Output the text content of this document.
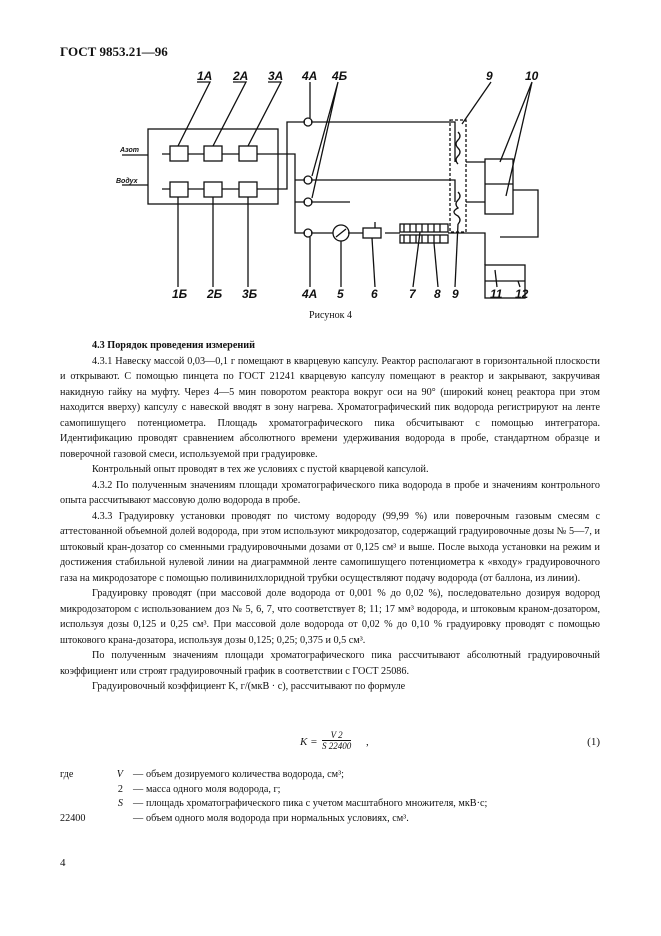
ГОСТ 9853.21—96
1А 2А 3А 4А 4Б	9	10
Азот
Водух
1Б 2Б 3Б	4А 5 6	7 8 9	11 12
Рисунок 4

4.3 Порядок проведения измерений

4.3.1 Навеску массой 0,03—0,1 г помещают в кварцевую капсулу. Реактор располагают в горизонтальной плоскости и открывают. С помощью пинцета по ГОСТ 21241 кварцевую капсулу помещают в реактор и закрывают, закручивая накидную гайку на муфту. Через 4—5 мин поворотом реактора вокруг оси на 90° (широкий конец реактора при этом находится вверху) капсулу с навеской вводят в зону нагрева. Хроматографический пик водорода регистрируют на ленте самопишущего потенциометра. Площадь хроматографического пика обсчитывают с помощью интегратора. Идентификацию проводят сравнением абсолютного времени удерживания водорода в пробе, стандартном образце и поверочной газовой смеси, используемой при градуировке.

Контрольный опыт проводят в тех же условиях с пустой кварцевой капсулой.

4.3.2 По полученным значениям площади хроматографического пика водорода в пробе и значениям контрольного опыта рассчитывают массовую долю водорода в пробе.

4.3.3 Градуировку установки проводят по чистому водороду (99,99 %) или поверочным газовым смесям с аттестованной объемной долей водорода, при этом используют микродозатор, содержащий градуировочные дозы № 5—7, и штоковый кран-дозатор со сменными градуировочными дозами от 0,125 см³ и выше. После выхода установки на режим и достижения стабильной нулевой линии на диаграммной ленте самопишущего потенциометра к «входу» градуировочного газа на микродозаторе с помощью поливинилхлоридной трубки осуществляют подачу водорода (от баллона, из линии).

Градуировку проводят (при массовой доле водорода от 0,001 % до 0,02 %), последовательно дозируя водород микродозатором с использованием доз № 5, 6, 7, что соответствует 8; 11; 17 мм³ водорода, и штоковым краном-дозатором, используя дозы 0,125 и 0,25 см³. При массовой доле водорода от 0,02 % до 0,10 % градуировку проводят с помощью штокового крана-дозатора, используя дозы 0,125; 0,25; 0,375 и 0,5 см³.

По полученным значениям площади хроматографического пика рассчитывают абсолютный градуировочный коэффициент или строят градуировочный график в соответствии с ГОСТ 25086.

Градуировочный коэффициент K, г/(мкВ · с), рассчитывают по формуле

$K = \frac{V 2}{S 22400}$ ,	(1)
где	V — объем дозируемого количества водорода, см³;
2 — масса одного моля водорода, г;
S — площадь хроматографического пика с учетом масштабного множителя, мкВ·с;
22400	— объем одного моля водорода при нормальных условиях, см³.
4
